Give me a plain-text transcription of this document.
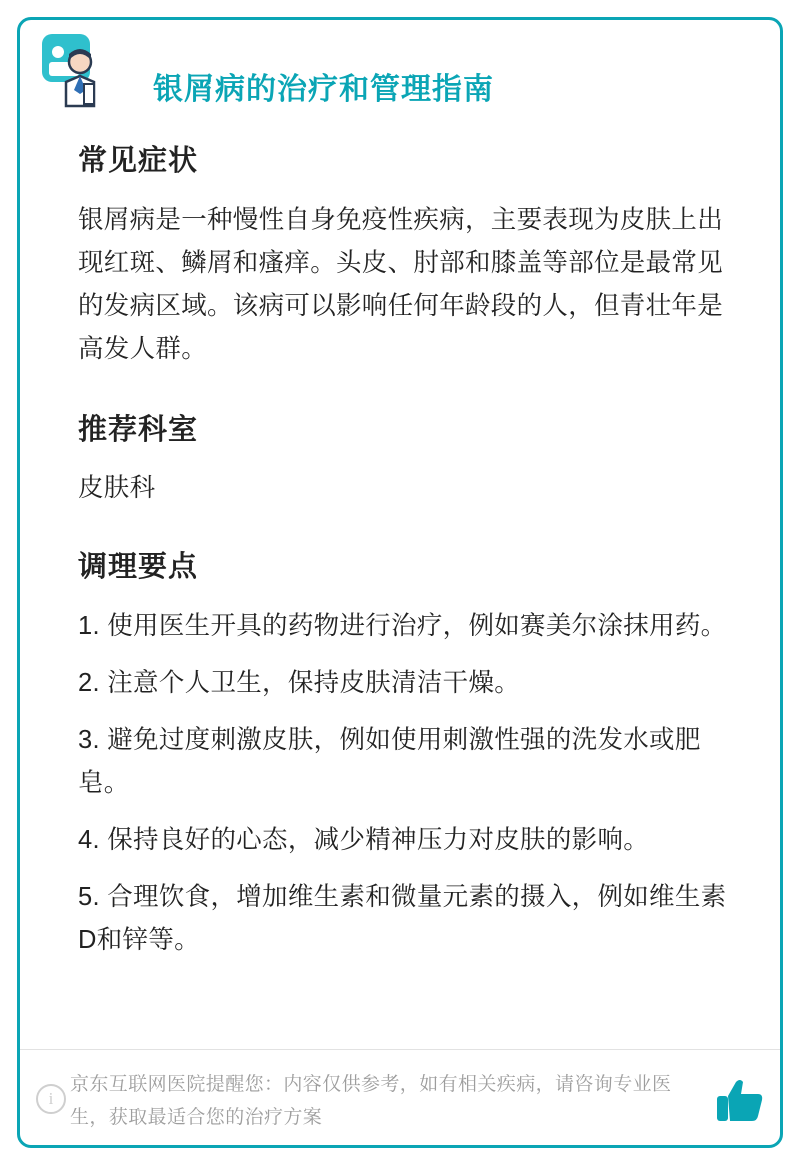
银屑病的治疗和管理指南
常见症状

银屑病是一种慢性自身免疫性疾病，主要表现为皮肤上出现红斑、鳞屑和瘙痒。头皮、肘部和膝盖等部位是最常见的发病区域。该病可以影响任何年龄段的人，但青壮年是高发人群。

推荐科室

皮肤科

调理要点
1. 使用医生开具的药物进行治疗，例如赛美尔涂抹用药。
2. 注意个人卫生，保持皮肤清洁干燥。
3. 避免过度刺激皮肤，例如使用刺激性强的洗发水或肥皂。
4. 保持良好的心态，减少精神压力对皮肤的影响。
5. 合理饮食，增加维生素和微量元素的摄入，例如维生素D和锌等。
i
京东互联网医院提醒您：内容仅供参考，如有相关疾病，请咨询专业医生，获取最适合您的治疗方案
